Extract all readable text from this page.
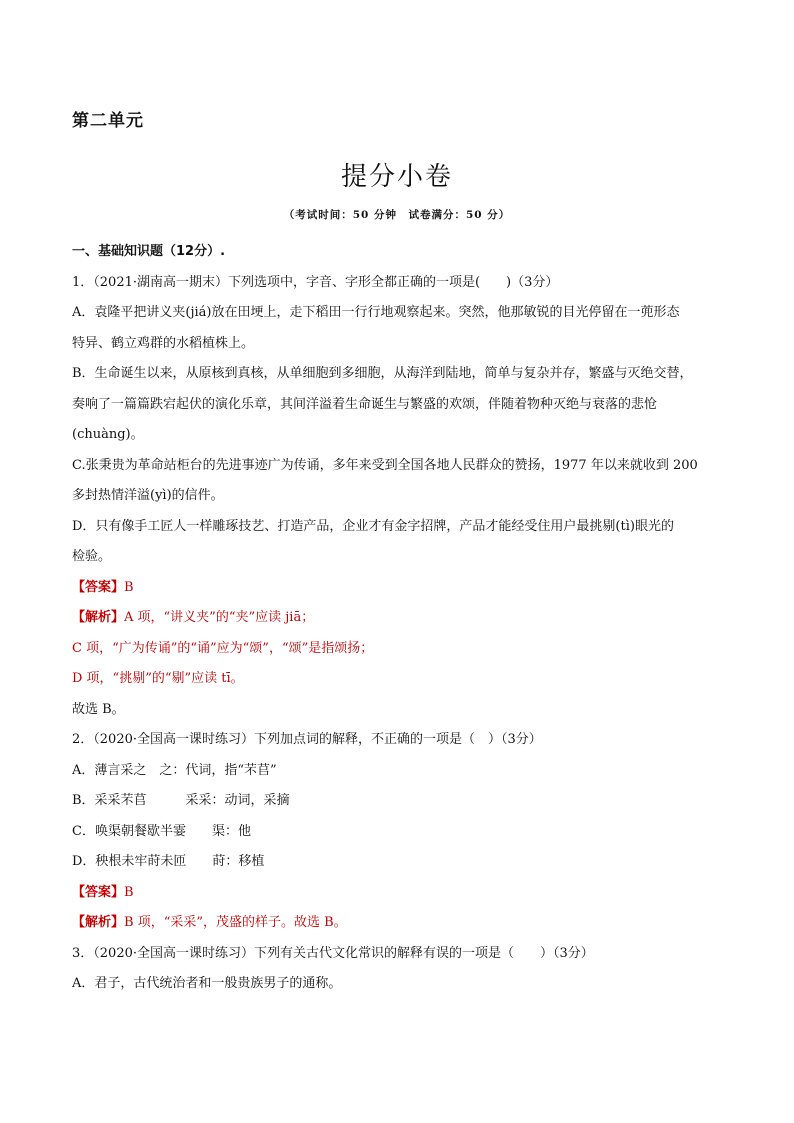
第二单元
提分小卷
（考试时间：50 分钟　试卷满分：50 分）
一、基础知识题（12分）.
1．（2021·湖南高一期末）下列选项中，字音、字形全都正确的一项是(　　)（3分）
A．袁隆平把讲义夹(jiá)放在田埂上，走下稻田一行行地观察起来。突然，他那敏锐的目光停留在一蔸形态
特异、鹤立鸡群的水稻植株上。
B．生命诞生以来，从原核到真核，从单细胞到多细胞，从海洋到陆地，简单与复杂并存，繁盛与灭绝交替，
奏响了一篇篇跌宕起伏的演化乐章，其间洋溢着生命诞生与繁盛的欢颂，伴随着物种灭绝与衰落的悲怆
(chuàng)。
C.张秉贵为革命站柜台的先进事迹广为传诵，多年来受到全国各地人民群众的赞扬，1977 年以来就收到 200
多封热情洋溢(yì)的信件。
D．只有像手工匠人一样雕琢技艺、打造产品，企业才有金字招牌，产品才能经受住用户最挑剔(tì)眼光的
检验。
【答案】B
【解析】A 项，“讲义夹”的“夹”应读 jiā；
C 项，“广为传诵”的“诵”应为“颂”，“颂”是指颂扬；
D 项，“挑剔”的“剔”应读 tī。
故选 B。
2．（2020·全国高一课时练习）下列加点词的解释，不正确的一项是（　）（3分）
A．薄言采之　之：代词，指“芣苢”
B．采采芣苢　　　采采：动词，采摘
C．唤渠朝餐歇半霎　　渠：他
D．秧根未牢莳未匝　　莳：移植
【答案】B
【解析】B 项，“采采”，茂盛的样子。故选 B。
3．（2020·全国高一课时练习）下列有关古代文化常识的解释有误的一项是（　　）（3分）
A．君子，古代统治者和一般贵族男子的通称。
